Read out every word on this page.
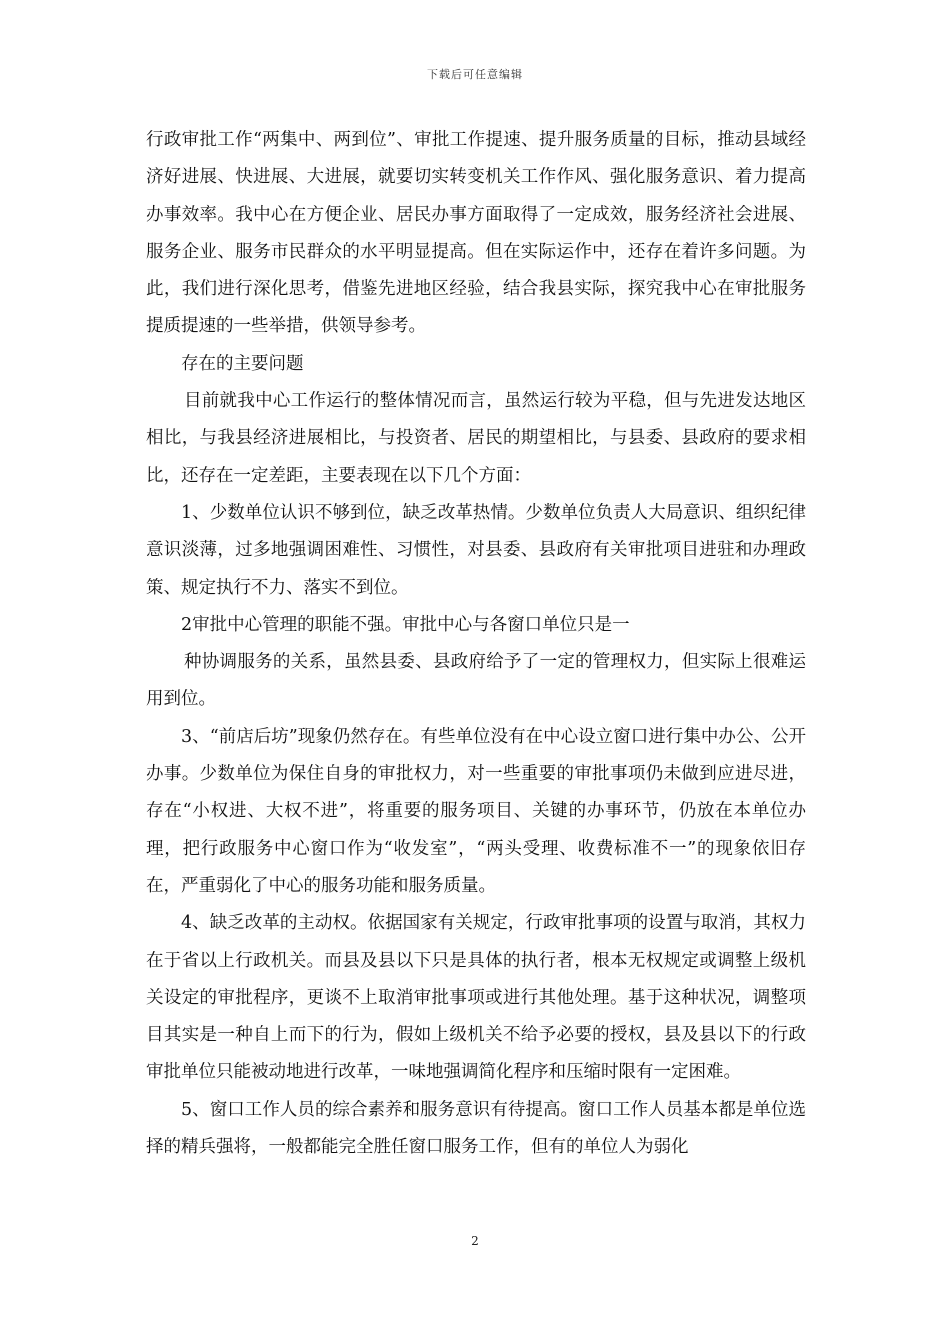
下载后可任意编辑

行政审批工作“两集中、两到位”、审批工作提速、提升服务质量的目标，推动县域经济好进展、快进展、大进展，就要切实转变机关工作作风、强化服务意识、着力提高办事效率。我中心在方便企业、居民办事方面取得了一定成效，服务经济社会进展、服务企业、服务市民群众的水平明显提高。但在实际运作中，还存在着许多问题。为此，我们进行深化思考，借鉴先进地区经验，结合我县实际，探究我中心在审批服务提质提速的一些举措，供领导参考。

存在的主要问题

目前就我中心工作运行的整体情况而言，虽然运行较为平稳，但与先进发达地区相比，与我县经济进展相比，与投资者、居民的期望相比，与县委、县政府的要求相比，还存在一定差距，主要表现在以下几个方面：

1、少数单位认识不够到位，缺乏改革热情。少数单位负责人大局意识、组织纪律意识淡薄，过多地强调困难性、习惯性，对县委、县政府有关审批项目进驻和办理政策、规定执行不力、落实不到位。

2审批中心管理的职能不强。审批中心与各窗口单位只是一

种协调服务的关系，虽然县委、县政府给予了一定的管理权力，但实际上很难运用到位。

3、“前店后坊”现象仍然存在。有些单位没有在中心设立窗口进行集中办公、公开办事。少数单位为保住自身的审批权力，对一些重要的审批事项仍未做到应进尽进，存在“小权进、大权不进”，将重要的服务项目、关键的办事环节，仍放在本单位办理，把行政服务中心窗口作为“收发室”，“两头受理、收费标准不一”的现象依旧存在，严重弱化了中心的服务功能和服务质量。

4、缺乏改革的主动权。依据国家有关规定，行政审批事项的设置与取消，其权力在于省以上行政机关。而县及县以下只是具体的执行者，根本无权规定或调整上级机关设定的审批程序，更谈不上取消审批事项或进行其他处理。基于这种状况，调整项目其实是一种自上而下的行为，假如上级机关不给予必要的授权，县及县以下的行政审批单位只能被动地进行改革，一味地强调简化程序和压缩时限有一定困难。

5、窗口工作人员的综合素养和服务意识有待提高。窗口工作人员基本都是单位选择的精兵强将，一般都能完全胜任窗口服务工作，但有的单位人为弱化

2
